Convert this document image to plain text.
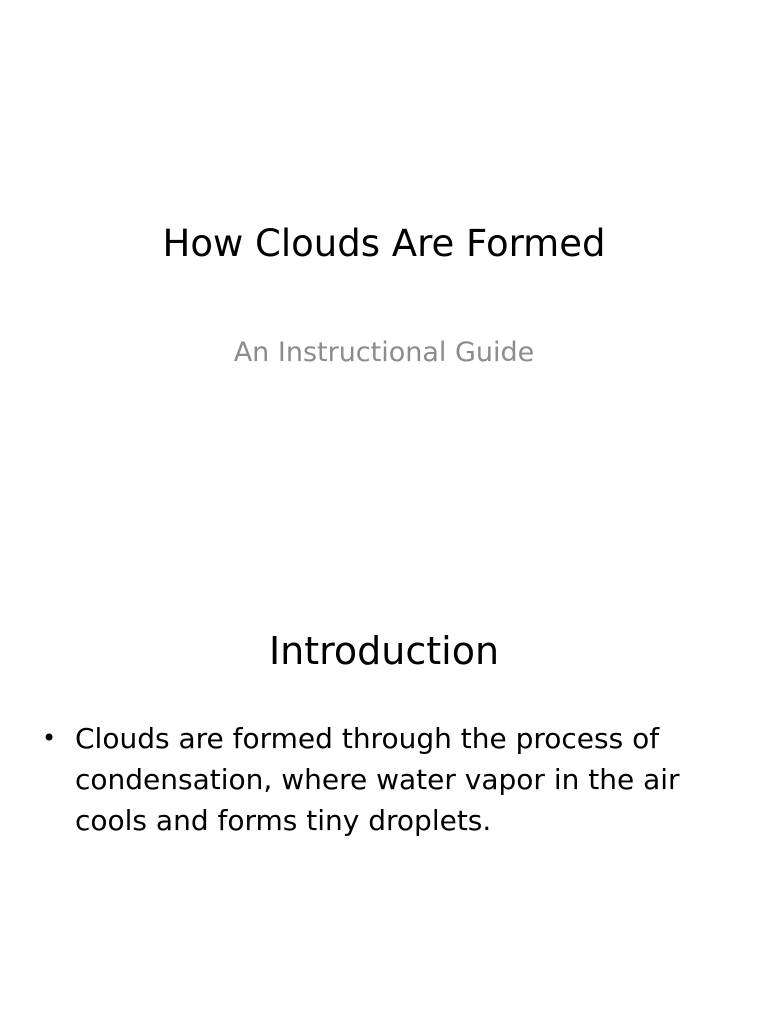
How Clouds Are Formed
An Instructional Guide
Introduction
• Clouds are formed through the process of condensation, where water vapor in the air cools and forms tiny droplets.
